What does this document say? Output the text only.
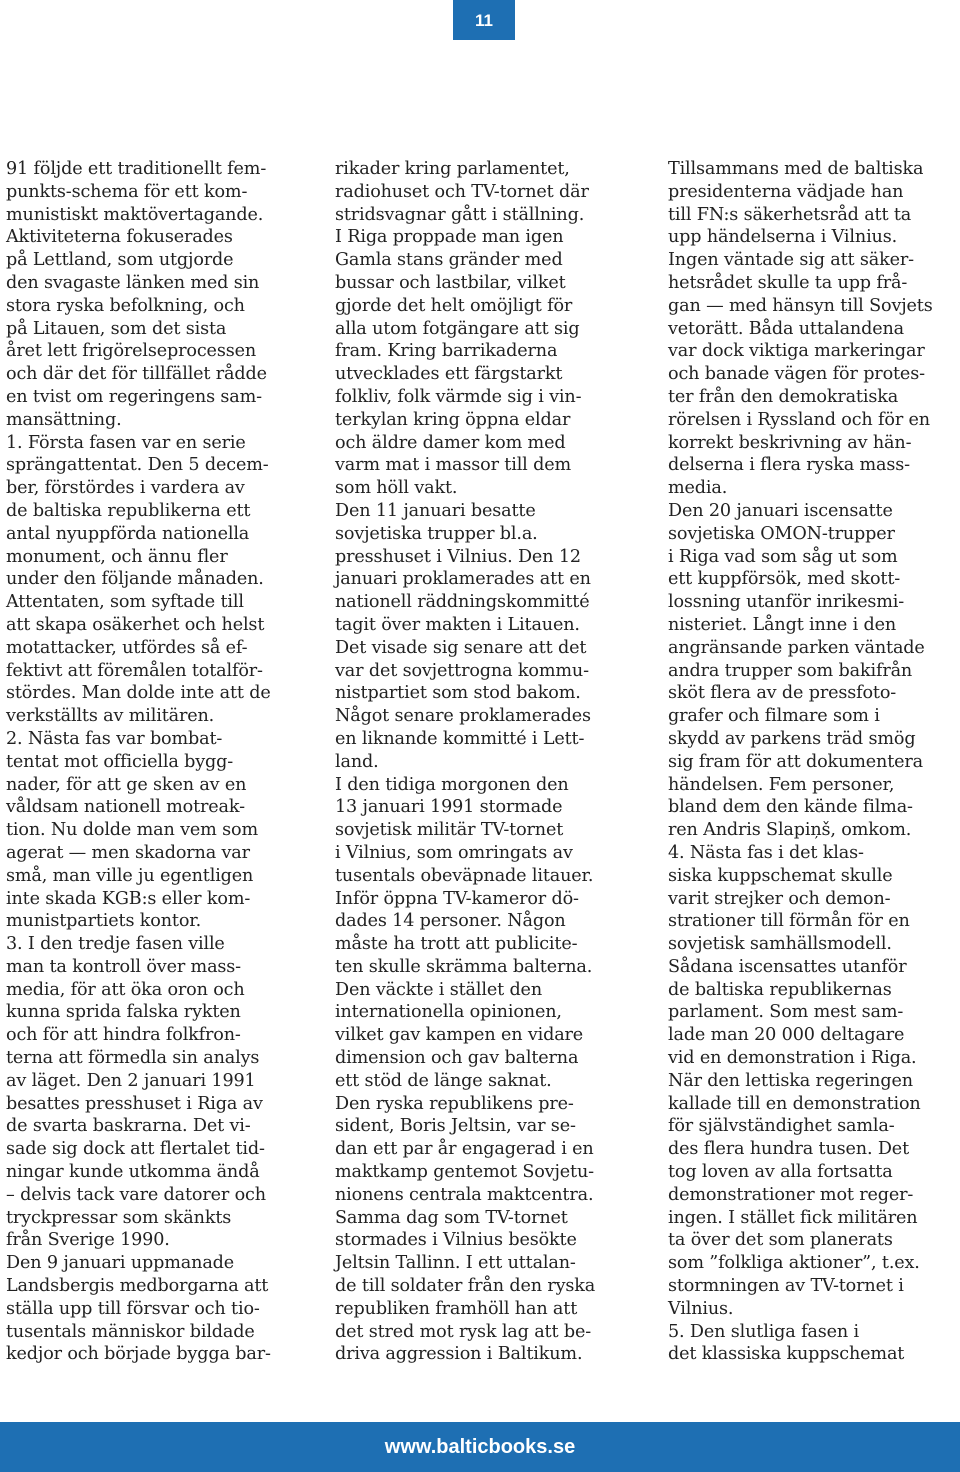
11
91 följde ett traditionellt fem-
punkts-schema för ett kom-
munistiskt maktövertagande.
Aktiviteterna fokuserades
på Lettland, som utgjorde
den svagaste länken med sin
stora ryska befolkning, och
på Litauen, som det sista
året lett frigörelseprocessen
och där det för tillfället rådde
en tvist om regeringens sam-
mansättning.
1. Första fasen var en serie
sprängattentat. Den 5 decem-
ber, förstördes i vardera av
de baltiska republikerna ett
antal nyuppförda nationella
monument, och ännu fler
under den följande månaden.
Attentaten, som syftade till
att skapa osäkerhet och helst
motattacker, utfördes så ef-
fektivt att föremålen totalför-
stördes. Man dolde inte att de
verkställts av militären.
2. Nästa fas var bombat-
tentat mot officiella bygg-
nader, för att ge sken av en
våldsam nationell motreak-
tion. Nu dolde man vem som
agerat — men skadorna var
små, man ville ju egentligen
inte skada KGB:s eller kom-
munistpartiets kontor.
3. I den tredje fasen ville
man ta kontroll över mass-
media, för att öka oron och
kunna sprida falska rykten
och för att hindra folkfron-
terna att förmedla sin analys
av läget. Den 2 januari 1991
besattes presshuset i Riga av
de svarta baskrarna. Det vi-
sade sig dock att flertalet tid-
ningar kunde utkomma ändå
– delvis tack vare datorer och
tryckpressar som skänkts
från Sverige 1990.
Den 9 januari uppmanade
Landsbergis medborgarna att
ställa upp till försvar och tio-
tusentals människor bildade
kedjor och började bygga bar-
rikader kring parlamentet,
radiohuset och TV-tornet där
stridsvagnar gått i ställning.
I Riga proppade man igen
Gamla stans gränder med
bussar och lastbilar, vilket
gjorde det helt omöjligt för
alla utom fotgängare att sig
fram. Kring barrikaderna
utvecklades ett färgstarkt
folkliv, folk värmde sig i vin-
terkylan kring öppna eldar
och äldre damer kom med
varm mat i massor till dem
som höll vakt.
Den 11 januari besatte
sovjetiska trupper bl.a.
presshuset i Vilnius. Den 12
januari proklamerades att en
nationell räddningskommitté
tagit över makten i Litauen.
Det visade sig senare att det
var det sovjettrogna kommu-
nistpartiet som stod bakom.
Något senare proklamerades
en liknande kommitté i Lett-
land.
I den tidiga morgonen den
13 januari 1991 stormade
sovjetisk militär TV-tornet
i Vilnius, som omringats av
tusentals obeväpnade litauer.
Inför öppna TV-kameror dö-
dades 14 personer. Någon
måste ha trott att publicite-
ten skulle skrämma balterna.
Den väckte i stället den
internationella opinionen,
vilket gav kampen en vidare
dimension och gav balterna
ett stöd de länge saknat.
Den ryska republikens pre-
sident, Boris Jeltsin, var se-
dan ett par år engagerad i en
maktkamp gentemot Sovjetu-
nionens centrala maktcentra.
Samma dag som TV-tornet
stormades i Vilnius besökte
Jeltsin Tallinn. I ett uttalan-
de till soldater från den ryska
republiken framhöll han att
det stred mot rysk lag att be-
driva aggression i Baltikum.
Tillsammans med de baltiska
presidenterna vädjade han
till FN:s säkerhetsråd att ta
upp händelserna i Vilnius.
Ingen väntade sig att säker-
hetsrådet skulle ta upp frå-
gan — med hänsyn till Sovjets
vetorätt. Båda uttalandena
var dock viktiga markeringar
och banade vägen för protes-
ter från den demokratiska
rörelsen i Ryssland och för en
korrekt beskrivning av hän-
delserna i flera ryska mass-
media.
Den 20 januari iscensatte
sovjetiska OMON-trupper
i Riga vad som såg ut som
ett kuppförsök, med skott-
lossning utanför inrikesmi-
nisteriet. Långt inne i den
angränsande parken väntade
andra trupper som bakifrån
sköt flera av de pressfoto-
grafer och filmare som i
skydd av parkens träd smög
sig fram för att dokumentera
händelsen. Fem personer,
bland dem den kände filma-
ren Andris Slapiņš, omkom.
4. Nästa fas i det klas-
siska kuppschemat skulle
varit strejker och demon-
strationer till förmån för en
sovjetisk samhällsmodell.
Sådana iscensattes utanför
de baltiska republikernas
parlament. Som mest sam-
lade man 20 000 deltagare
vid en demonstration i Riga.
När den lettiska regeringen
kallade till en demonstration
för självständighet samla-
des flera hundra tusen. Det
tog loven av alla fortsatta
demonstrationer mot reger-
ingen. I stället fick militären
ta över det som planerats
som ”folkliga aktioner”, t.ex.
stormningen av TV-tornet i
Vilnius.
5. Den slutliga fasen i
det klassiska kuppschemat
www.balticbooks.se
